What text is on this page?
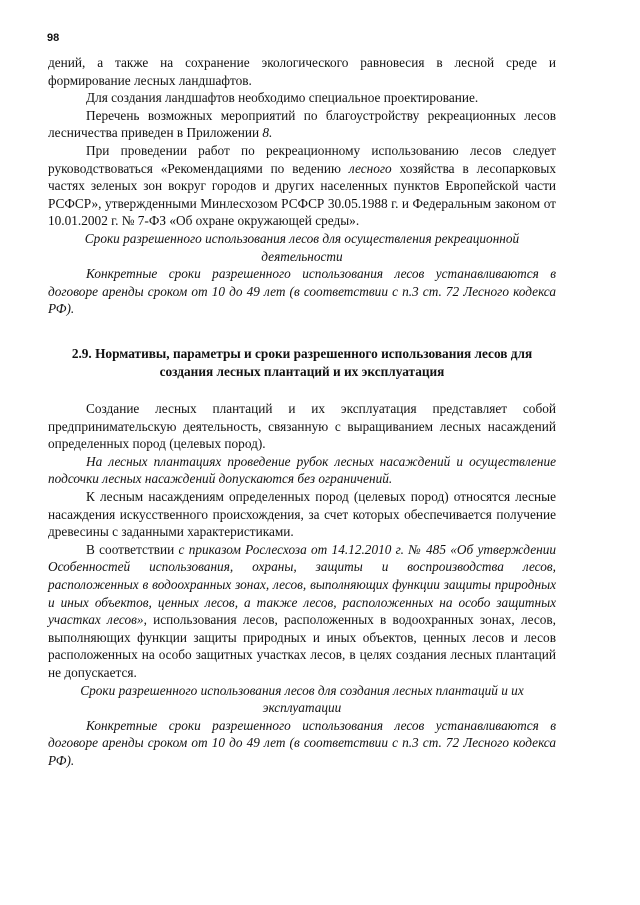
98

дений, а также на сохранение экологического равновесия в лесной среде и формирование лесных ландшафтов.

Для создания ландшафтов необходимо специальное проектирование.

Перечень возможных мероприятий по благоустройству рекреационных лесов лесничества приведен в Приложении 8.

При проведении работ по рекреационному использованию лесов следует руководствоваться «Рекомендациями по ведению лесного хозяйства в лесопарковых частях зеленых зон вокруг городов и других населенных пунктов Европейской части РСФСР», утвержденными Минлесхозом РСФСР 30.05.1988 г. и Федеральным законом от 10.01.2002 г. № 7-ФЗ «Об охране окружающей среды».

Сроки разрешенного использования лесов для осуществления рекреационной деятельности

Конкретные сроки разрешенного использования лесов устанавливаются в договоре аренды сроком от 10 до 49 лет (в соответствии с п.3 ст. 72 Лесного кодекса РФ).

2.9. Нормативы, параметры и сроки разрешенного использования лесов для создания лесных плантаций и их эксплуатация

Создание лесных плантаций и их эксплуатация представляет собой предпринимательскую деятельность, связанную с выращиванием лесных насаждений определенных пород (целевых пород).

На лесных плантациях проведение рубок лесных насаждений и осуществление подсочки лесных насаждений допускаются без ограничений.

К лесным насаждениям определенных пород (целевых пород) относятся лесные насаждения искусственного происхождения, за счет которых обеспечивается получение древесины с заданными характеристиками.

В соответствии с приказом Рослесхоза от 14.12.2010 г. № 485 «Об утверждении Особенностей использования, охраны, защиты и воспроизводства лесов, расположенных в водоохранных зонах, лесов, выполняющих функции защиты природных и иных объектов, ценных лесов, а также лесов, расположенных на особо защитных участках лесов», использования лесов, расположенных в водоохранных зонах, лесов, выполняющих функции защиты природных и иных объектов, ценных лесов и лесов расположенных на особо защитных участках лесов, в целях создания лесных плантаций не допускается.

Сроки разрешенного использования лесов для создания лесных плантаций и их эксплуатации

Конкретные сроки разрешенного использования лесов устанавливаются в договоре аренды сроком от 10 до 49 лет (в соответствии с п.3 ст. 72 Лесного кодекса РФ).
